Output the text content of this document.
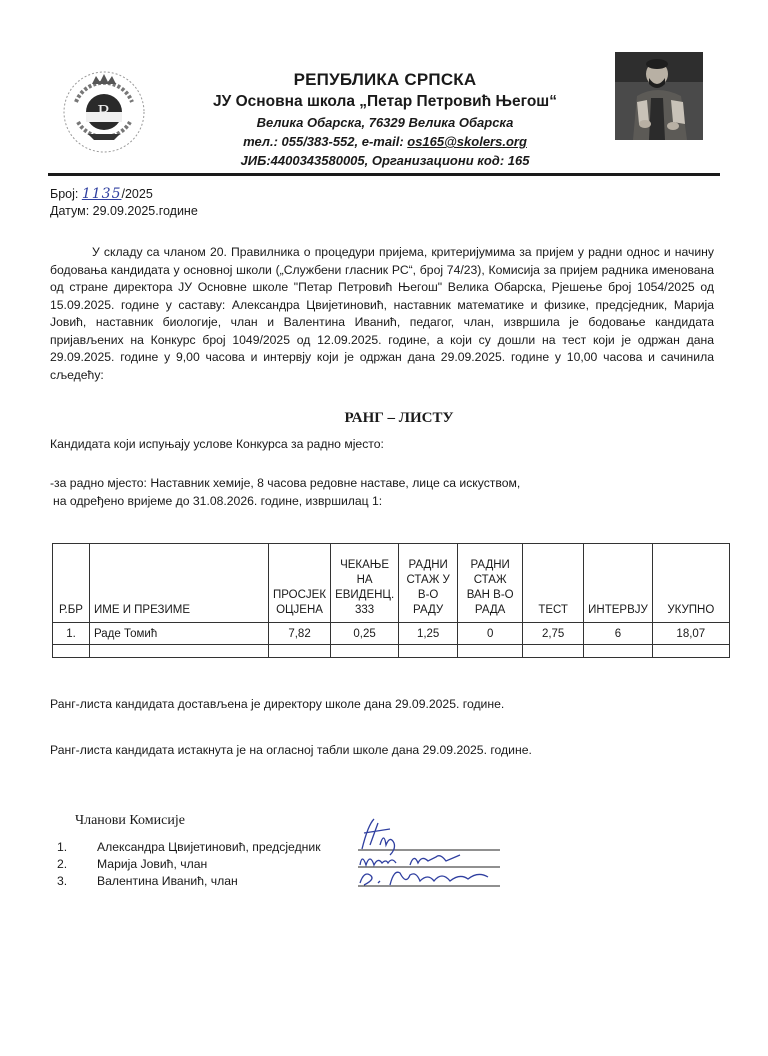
R
РЕПУБЛИКА СРПСКА
ЈУ Основна школа „Петар Петровић Његош“
Велика Обарска, 76329 Велика Обарска
тел.: 055/383-552, e-mail: os165@skolers.org
ЈИБ:4400343580005, Организациони код: 165
Број: 1135/2025
Датум: 29.09.2025.године
У складу са чланом 20. Правилника о процедури пријема, критеријумима за пријем у радни однос и начину бодовања кандидата у основној школи („Службени гласник РС“, број 74/23), Комисија за пријем радника именована од стране директора ЈУ Основне школе "Петар Петровић Његош" Велика Обарска, Рјешење број 1054/2025 од 15.09.2025. године у саставу: Александра Цвијетиновић, наставник математике и физике, предсједник, Марија Јовић, наставник биологије, члан и Валентина Иванић, педагог, члан, извршила је бодовање кандидата пријављених на Конкурс број 1049/2025 од 12.09.2025. године, а који су дошли на тест који је одржан дана 29.09.2025. године у 9,00 часова и интервју који је одржан дана 29.09.2025. године у 10,00 часова и сачинила сљедећу:
РАНГ – ЛИСТУ
Кандидата који испуњају услове Конкурса за радно мјесто:
-за радно мјесто: Наставник хемије, 8 часова редовне наставе, лице са искуством,
на одређено вријеме до 31.08.2026. године, извршилац 1:
Р.БР	ИМЕ И ПРЕЗИМЕ	ПРОСЈЕК ОЦЈЕНА	ЧЕКАЊЕ НА ЕВИДЕНЦ. 333	РАДНИ СТАЖ У В-О РАДУ	РАДНИ СТАЖ ВАН В-О РАДА	ТЕСТ	ИНТЕРВЈУ	УКУПНО
1.	Раде Томић	7,82	0,25	1,25	0	2,75	6	18,07

Ранг-листа кандидата достављена је директору школе дана 29.09.2025. године.
Ранг-листа кандидата истакнута је на огласној табли школе дана 29.09.2025. године.
Чланови Комисије
1. Александра Цвијетиновић, предсједник
2. Марија Јовић, члан
3. Валентина Иванић, члан
